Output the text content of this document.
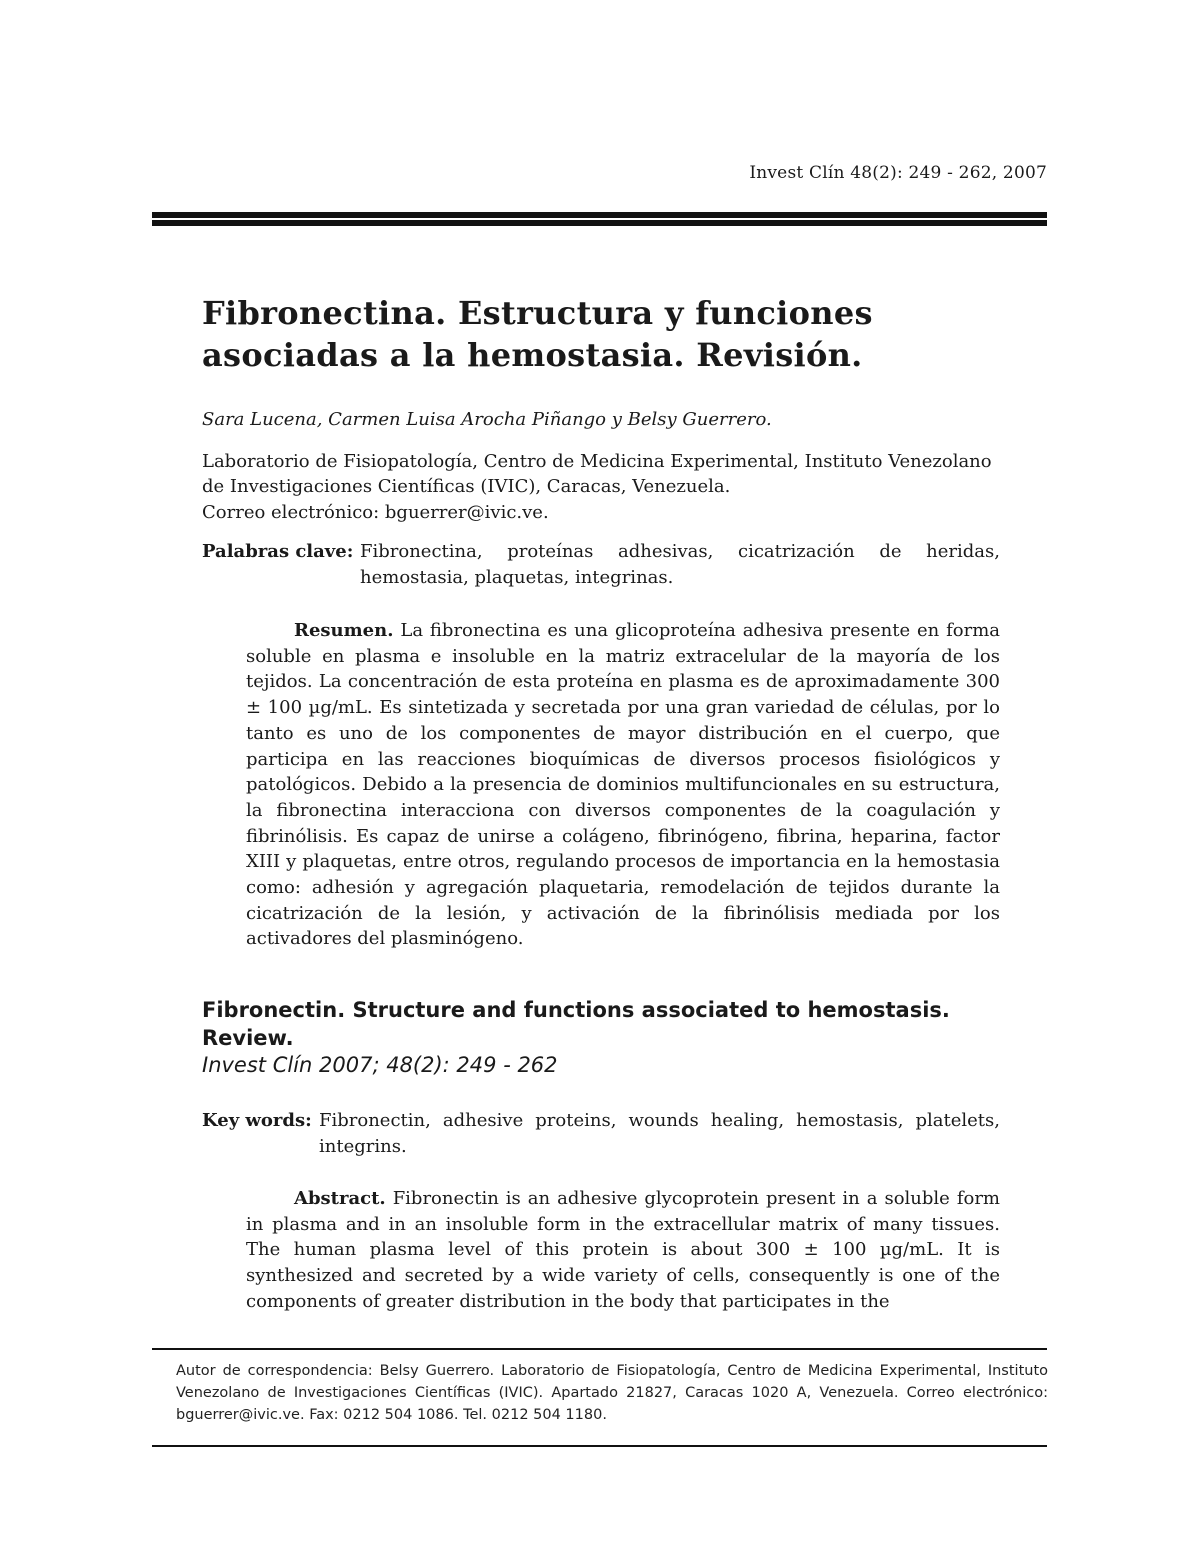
Invest Clín 48(2): 249 - 262, 2007
Fibronectina. Estructura y funciones asociadas a la hemostasia. Revisión.
Sara Lucena, Carmen Luisa Arocha Piñango y Belsy Guerrero.
Laboratorio de Fisiopatología, Centro de Medicina Experimental, Instituto Venezolano
de Investigaciones Científicas (IVIC), Caracas, Venezuela.
Correo electrónico: bguerrer@ivic.ve.
Palabras clave: Fibronectina, proteínas adhesivas, cicatrización de heridas,
hemostasia, plaquetas, integrinas.
Resumen. La fibronectina es una glicoproteína adhesiva presente en forma soluble en plasma e insoluble en la matriz extracelular de la mayoría de los tejidos. La concentración de esta proteína en plasma es de aproximadamente 300 ± 100 µg/mL. Es sintetizada y secretada por una gran variedad de células, por lo tanto es uno de los componentes de mayor distribución en el cuerpo, que participa en las reacciones bioquímicas de diversos procesos fisiológicos y patológicos. Debido a la presencia de dominios multifuncionales en su estructura, la fibronectina interacciona con diversos componentes de la coagulación y fibrinólisis. Es capaz de unirse a colágeno, fibrinógeno, fibrina, heparina, factor XIII y plaquetas, entre otros, regulando procesos de importancia en la hemostasia como: adhesión y agregación plaquetaria, remodelación de tejidos durante la cicatrización de la lesión, y activación de la fibrinólisis mediada por los activadores del plasminógeno.
Fibronectin. Structure and functions associated to hemostasis. Review.
Invest Clín 2007; 48(2): 249 - 262
Key words: Fibronectin, adhesive proteins, wounds healing, hemostasis, platelets,
integrins.
Abstract. Fibronectin is an adhesive glycoprotein present in a soluble form in plasma and in an insoluble form in the extracellular matrix of many tissues. The human plasma level of this protein is about 300 ± 100 µg/mL. It is synthesized and secreted by a wide variety of cells, consequently is one of the components of greater distribution in the body that participates in the
Autor de correspondencia: Belsy Guerrero. Laboratorio de Fisiopatología, Centro de Medicina Experimental, Instituto Venezolano de Investigaciones Científicas (IVIC). Apartado 21827, Caracas 1020 A, Venezuela. Correo electrónico: bguerrer@ivic.ve. Fax: 0212 504 1086. Tel. 0212 504 1180.
